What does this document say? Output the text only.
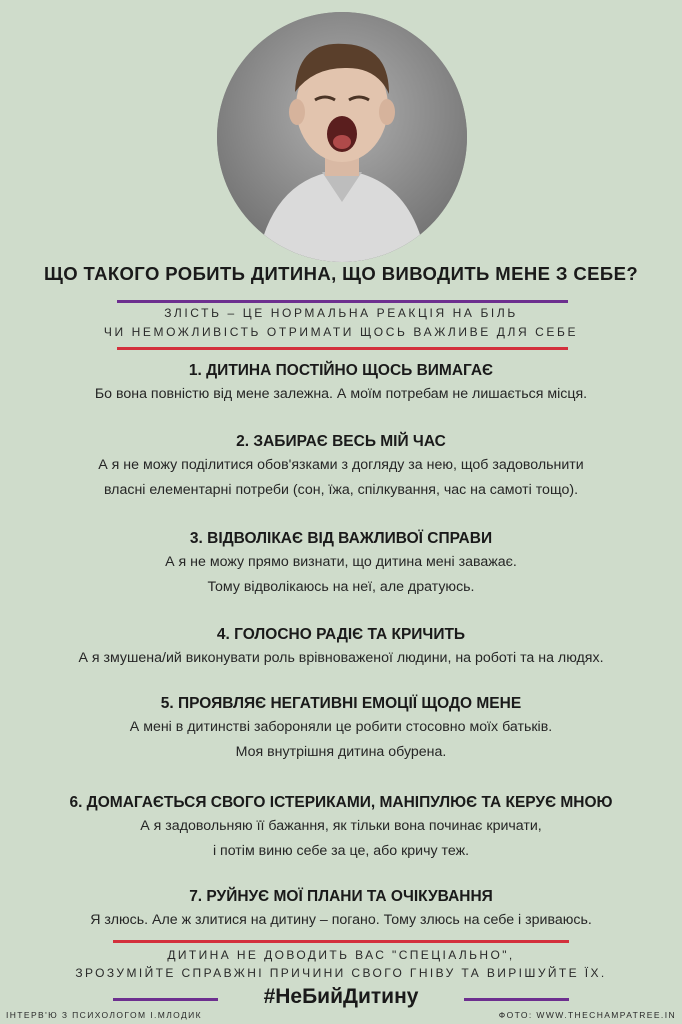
ЩО ТАКОГО РОБИТЬ ДИТИНА, ЩО ВИВОДИТЬ МЕНЕ З СЕБЕ?
ЗЛІСТЬ – ЦЕ НОРМАЛЬНА РЕАКЦІЯ НА БІЛЬ
ЧИ НЕМОЖЛИВІСТЬ ОТРИМАТИ ЩОСЬ ВАЖЛИВЕ ДЛЯ СЕБЕ
1. ДИТИНА ПОСТІЙНО ЩОСЬ ВИМАГАЄ
Бо вона повністю від мене залежна. А моїм потребам не лишається місця.
2. ЗАБИРАЄ ВЕСЬ МІЙ ЧАС
А я не можу поділитися обов'язками з догляду за нею, щоб задовольнити
власні елементарні потреби (сон, їжа, спілкування, час на самоті тощо).
3. ВІДВОЛІКАЄ ВІД ВАЖЛИВОЇ СПРАВИ
А я не можу прямо визнати, що дитина мені заважає.
Тому відволікаюсь на неї, але дратуюсь.
4. ГОЛОСНО РАДІЄ ТА КРИЧИТЬ
А я змушена/ий виконувати роль врівноваженої людини, на роботі та на людях.
5. ПРОЯВЛЯЄ НЕГАТИВНІ ЕМОЦІЇ ЩОДО МЕНЕ
А мені в дитинстві забороняли це робити стосовно моїх батьків.
Моя внутрішня дитина обурена.
6. ДОМАГАЄТЬСЯ СВОГО ІСТЕРИКАМИ, МАНІПУЛЮЄ ТА КЕРУЄ МНОЮ
А я задовольняю її бажання, як тільки вона починає кричати,
і потім виню себе за це, або кричу теж.
7. РУЙНУЄ МОЇ ПЛАНИ ТА ОЧІКУВАННЯ
Я злюсь. Але ж злитися на дитину – погано. Тому злюсь на себе і зриваюсь.
ДИТИНА НЕ ДОВОДИТЬ ВАС "СПЕЦІАЛЬНО",
ЗРОЗУМІЙТЕ СПРАВЖНІ ПРИЧИНИ СВОГО ГНІВУ ТА ВИРІШУЙТЕ ЇХ.
#НеБийДитину
ІНТЕРВ'Ю З ПСИХОЛОГОМ І.МЛОДИК	ФОТО: WWW.THECHAMPATREE.IN
